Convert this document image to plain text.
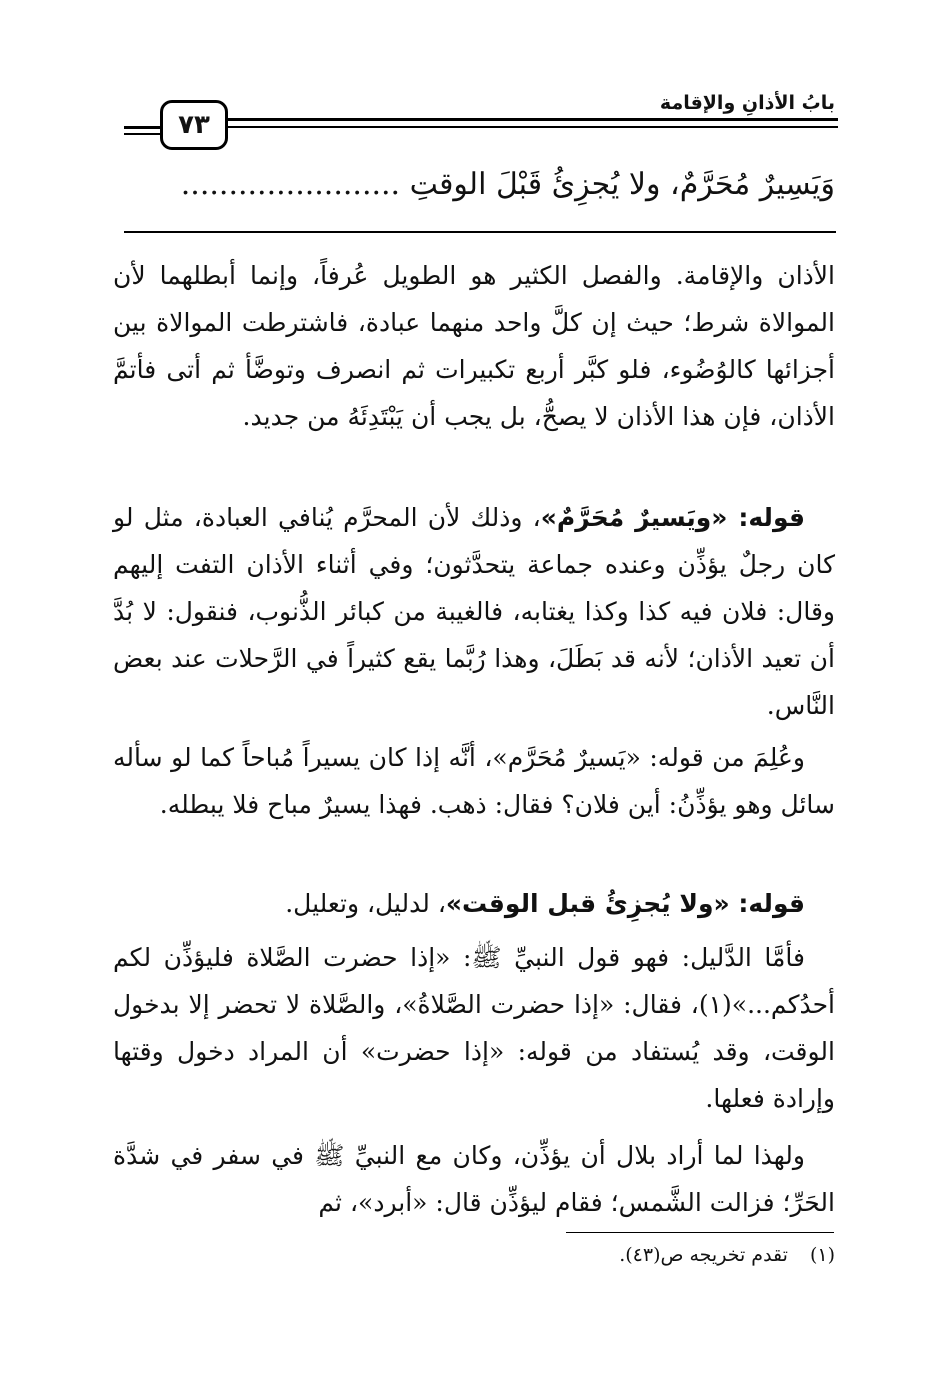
بابُ الأذانِ والإقامة
٧٣
وَيَسِيرٌ مُحَرَّمٌ، ولا يُجزِئُ قَبْلَ الوقتِ .......................

الأذان والإقامة. والفصل الكثير هو الطويل عُرفاً، وإنما أبطلهما لأن الموالاة شرط؛ حيث إن كلَّ واحد منهما عبادة، فاشترطت الموالاة بين أجزائها كالوُضُوء، فلو كبَّر أربع تكبيرات ثم انصرف وتوضَّأ ثم أتى فأتمَّ الأذان، فإن هذا الأذان لا يصحُّ، بل يجب أن يَبْتَدِئَهُ من جديد.

قوله: «ويَسيرٌ مُحَرَّمٌ»، وذلك لأن المحرَّم يُنافي العبادة، مثل لو كان رجلٌ يؤذِّن وعنده جماعة يتحدَّثون؛ وفي أثناء الأذان التفت إليهم وقال: فلان فيه كذا وكذا يغتابه، فالغيبة من كبائر الذُّنوب، فنقول: لا بُدَّ أن تعيد الأذان؛ لأنه قد بَطَلَ، وهذا رُبَّما يقع كثيراً في الرَّحلات عند بعض النَّاس.

وعُلِمَ من قوله: «يَسيرٌ مُحَرَّم»، أنَّه إذا كان يسيراً مُباحاً كما لو سأله سائل وهو يؤذِّنُ: أين فلان؟ فقال: ذهب. فهذا يسيرٌ مباح فلا يبطله.

قوله: «ولا يُجزِئُ قبل الوقت»، لدليل، وتعليل.

فأمَّا الدَّليل: فهو قول النبيِّ ﷺ: «إذا حضرت الصَّلاة فليؤذِّن لكم أحدُكم...»(١)، فقال: «إذا حضرت الصَّلاةُ»، والصَّلاة لا تحضر إلا بدخول الوقت، وقد يُستفاد من قوله: «إذا حضرت» أن المراد دخول وقتها وإرادة فعلها.

ولهذا لما أراد بلال أن يؤذِّن، وكان مع النبيِّ ﷺ في سفر في شدَّة الحَرِّ؛ فزالت الشَّمس؛ فقام ليؤذِّن قال: «أبرد»، ثم

(١)تقدم تخريجه ص(٤٣).
